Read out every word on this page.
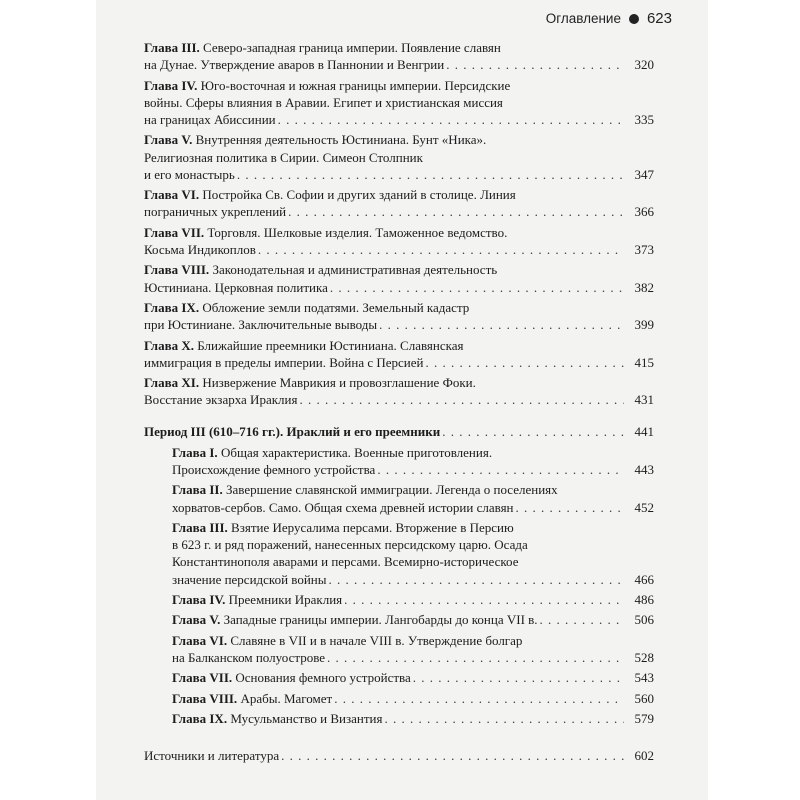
Оглавление 623
Глава III. Северо-западная граница империи. Появление славян
на Дунае. Утверждение аваров в Паннонии и Венгрии . . .	320
Глава IV. Юго-восточная и южная границы империи. Персидские
войны. Сферы влияния в Аравии. Египет и христианская миссия
на границах Абиссинии . . .	335
Глава V. Внутренняя деятельность Юстиниана. Бунт «Ника».
Религиозная политика в Сирии. Симеон Столпник
и его монастырь . . .	347
Глава VI. Постройка Св. Софии и других зданий в столице. Линия
пограничных укреплений . . .	366
Глава VII. Торговля. Шелковые изделия. Таможенное ведомство.
Косьма Индикоплов . . .	373
Глава VIII. Законодательная и административная деятельность
Юстиниана. Церковная политика . . .	382
Глава IX. Обложение земли податями. Земельный кадастр
при Юстиниане. Заключительные выводы . . .	399
Глава X. Ближайшие преемники Юстиниана. Славянская
иммиграция в пределы империи. Война с Персией . . .	415
Глава XI. Низвержение Маврикия и провозглашение Фоки.
Восстание экзарха Ираклия . . .	431
Период III (610–716 гг.). Ираклий и его преемники . . .	441
Глава I. Общая характеристика. Военные приготовления.
Происхождение фемного устройства . . .	443
Глава II. Завершение славянской иммиграции. Легенда о поселениях
хорватов-сербов. Само. Общая схема древней истории славян . . .	452
Глава III. Взятие Иерусалима персами. Вторжение в Персию
в 623 г. и ряд поражений, нанесенных персидскому царю. Осада
Константинополя аварами и персами. Всемирно-историческое
значение персидской войны . . .	466
Глава IV. Преемники Ираклия . . .	486
Глава V. Западные границы империи. Лангобарды до конца VII в. . . .	506
Глава VI. Славяне в VII и в начале VIII в. Утверждение болгар
на Балканском полуострове . . .	528
Глава VII. Основания фемного устройства . . .	543
Глава VIII. Арабы. Магомет . . .	560
Глава IX. Мусульманство и Византия . . .	579
Источники и литература . . .	602
